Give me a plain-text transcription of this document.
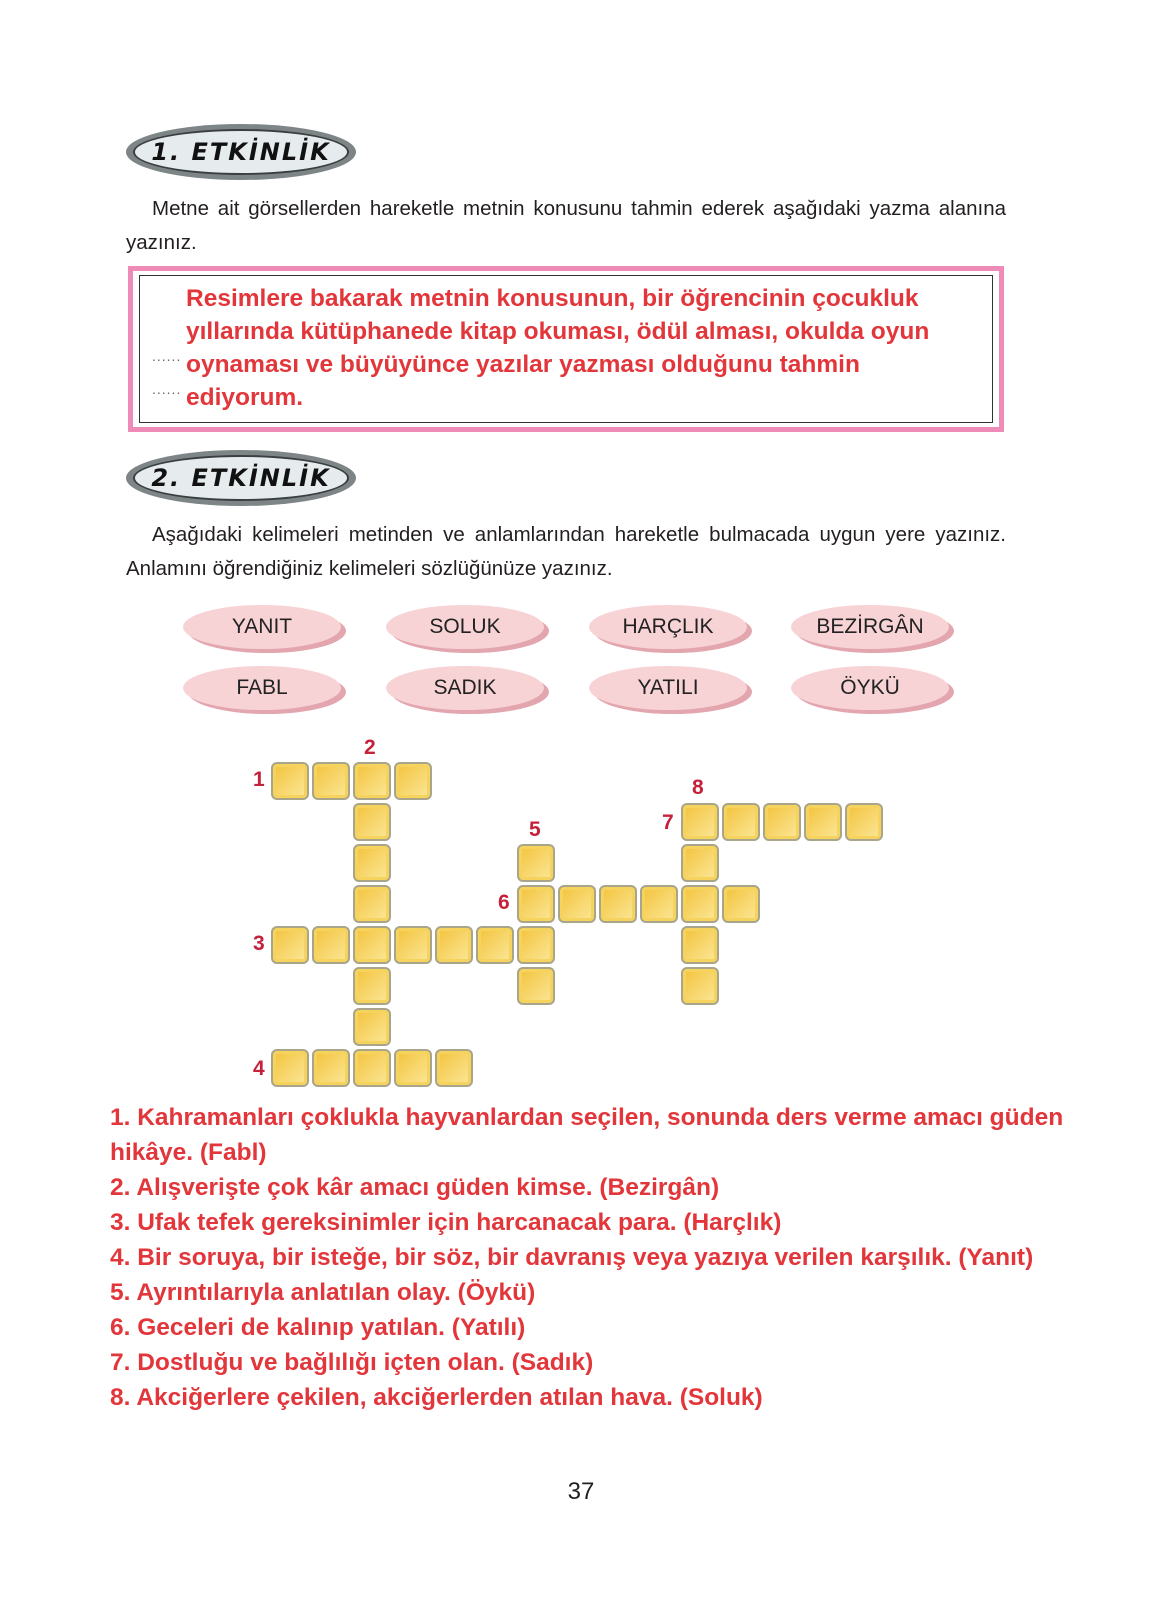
1. ETKİNLİK
Metne ait görsellerden hareketle metnin konusunu tahmin ederek aşağıdaki yazma alanına yazınız.
......
......
Resimlere bakarak metnin konusunun, bir öğrencinin çocukluk yıllarında kütüphanede kitap okuması, ödül alması, okulda oyun oynaması ve büyüyünce yazılar yazması olduğunu tahmin ediyorum.
2. ETKİNLİK
Aşağıdaki kelimeleri metinden ve anlamlarından hareketle bulmacada uygun yere yazınız. Anlamını öğrendiğiniz kelimeleri sözlüğünüze yazınız.
YANIT	SOLUK	HARÇLIK	BEZİRGÂN
FABL	SADIK	YATILI	ÖYKÜ
1
2
3
4
5
6
7
8
1. Kahramanları çoklukla hayvanlardan seçilen, sonunda ders verme amacı güden hikâye. (Fabl)
2. Alışverişte çok kâr amacı güden kimse. (Bezirgân)
3. Ufak tefek gereksinimler için harcanacak para. (Harçlık)
4. Bir soruya, bir isteğe, bir söz, bir davranış veya yazıya verilen karşılık. (Yanıt)
5. Ayrıntılarıyla anlatılan olay. (Öykü)
6. Geceleri de kalınıp yatılan. (Yatılı)
7. Dostluğu ve bağlılığı içten olan. (Sadık)
8. Akciğerlere çekilen, akciğerlerden atılan hava. (Soluk)
37
